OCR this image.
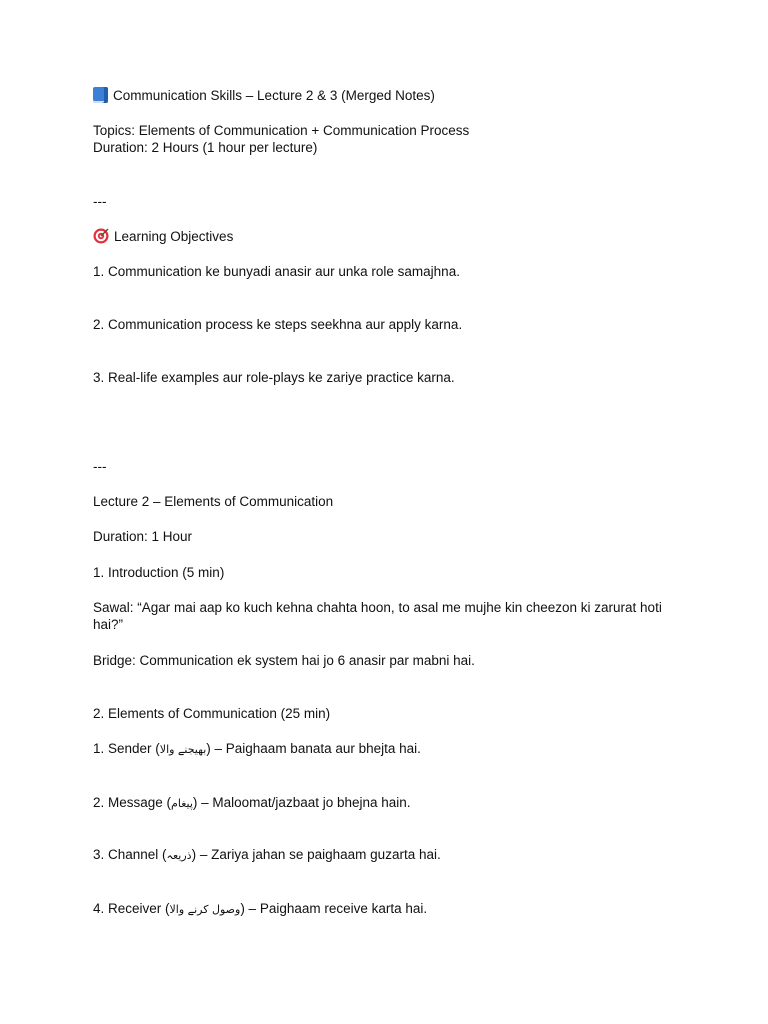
Communication Skills – Lecture 2 & 3 (Merged Notes)

Topics: Elements of Communication + Communication Process

Duration: 2 Hours (1 hour per lecture)

---

Learning Objectives

1. Communication ke bunyadi anasir aur unka role samajhna.

2. Communication process ke steps seekhna aur apply karna.

3. Real-life examples aur role-plays ke zariye practice karna.

---

Lecture 2 – Elements of Communication

Duration: 1 Hour

1. Introduction (5 min)

Sawal: “Agar mai aap ko kuch kehna chahta hoon, to asal me mujhe kin cheezon ki zarurat hoti hai?”

Bridge: Communication ek system hai jo 6 anasir par mabni hai.

2. Elements of Communication (25 min)

1. Sender (بھیجنے والا) – Paighaam banata aur bhejta hai.

2. Message (پیغام) – Maloomat/jazbaat jo bhejna hain.

3. Channel (ذریعہ) – Zariya jahan se paighaam guzarta hai.

4. Receiver (وصول کرنے والا) – Paighaam receive karta hai.
